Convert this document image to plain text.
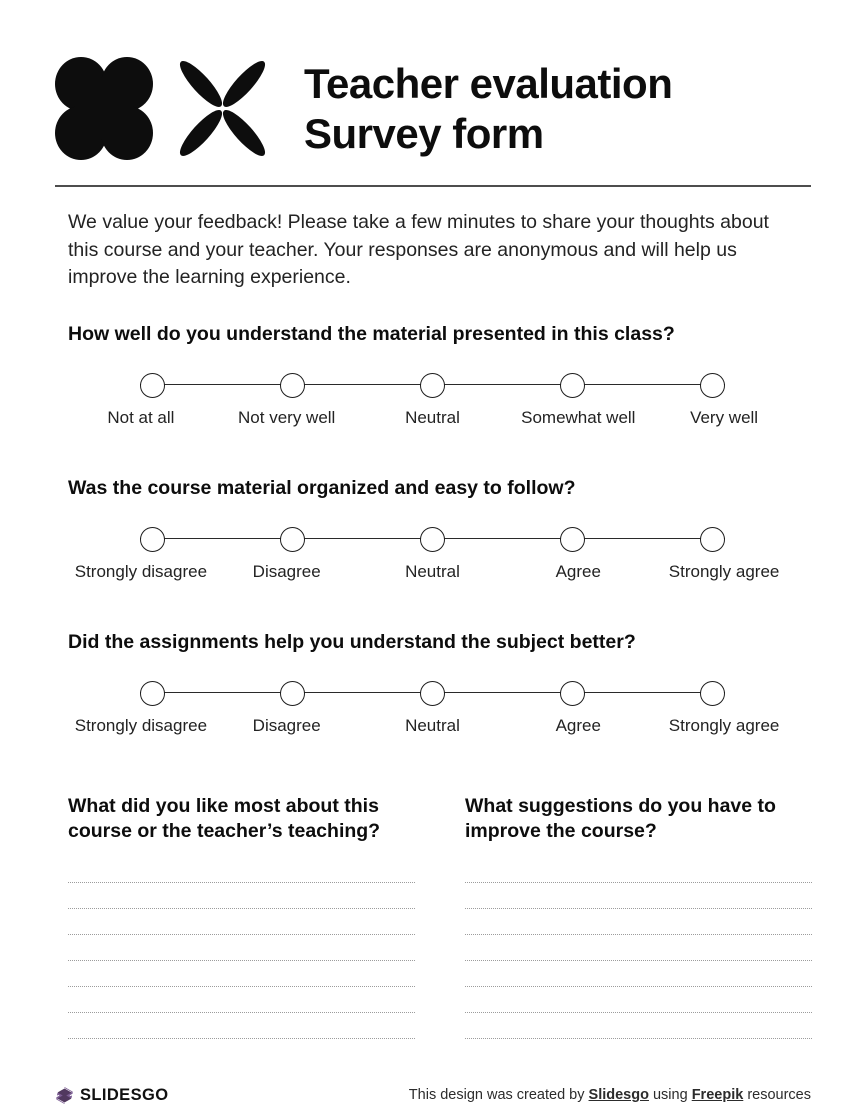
Teacher evaluation
Survey form
We value your feedback! Please take a few minutes to share your thoughts about this course and your teacher. Your responses are anonymous and will help us improve the learning experience.
How well do you understand the material presented in this class?
Not at all	Not very well	Neutral	Somewhat well	Very well
Was the course material organized and easy to follow?
Strongly disagree	Disagree	Neutral	Agree	Strongly agree
Did the assignments help you understand the subject better?
Strongly disagree	Disagree	Neutral	Agree	Strongly agree
What did you like most about this course or the teacher’s teaching?
What suggestions do you have to improve the course?
SLIDESGO	This design was created by Slidesgo using Freepik resources
